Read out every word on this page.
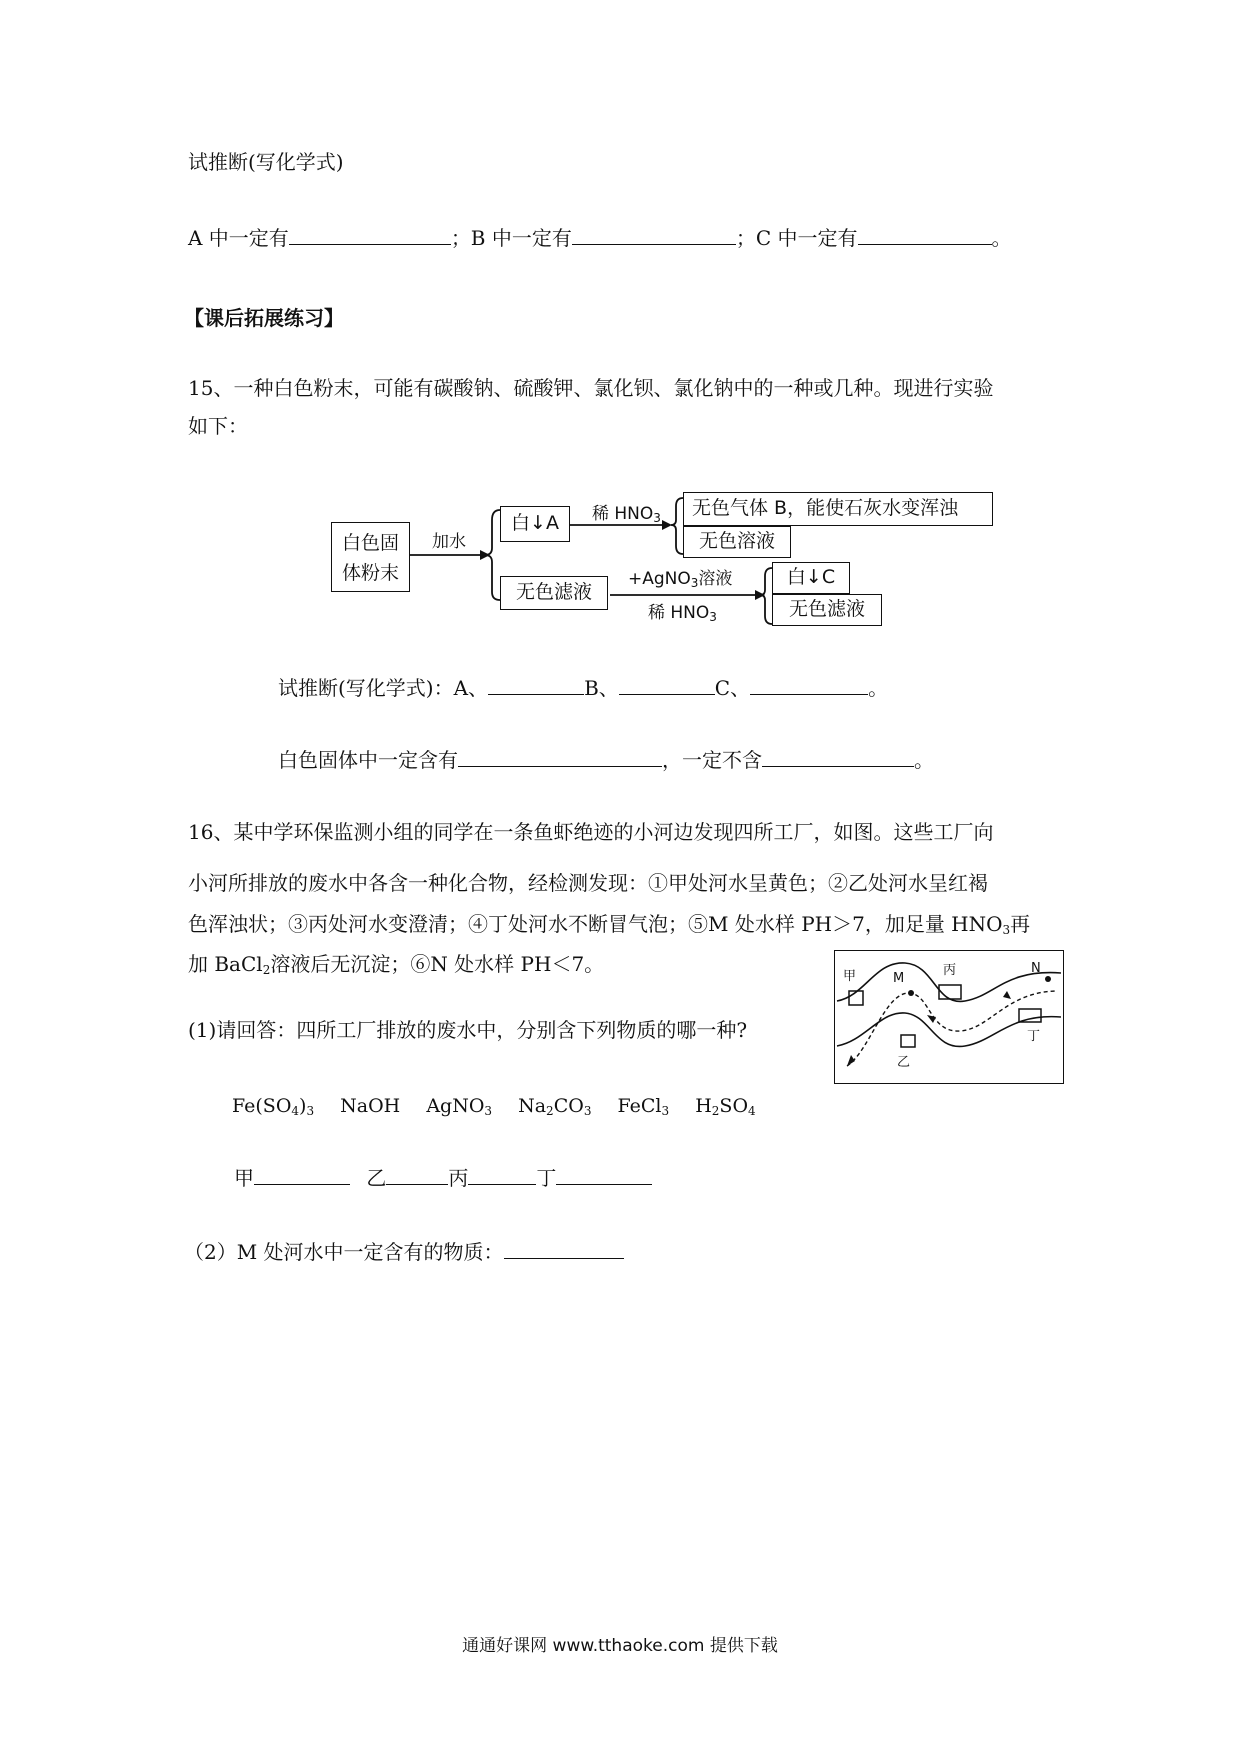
试推断(写化学式)
A 中一定有	；B 中一定有	；C 中一定有	。
【课后拓展练习】
15、一种白色粉末，可能有碳酸钠、硫酸钾、氯化钡、氯化钠中的一种或几种。现进行实验
如下：
白色固
体粉末
加水
白↓A	稀 $HNO_3$	无色气体 B，能使石灰水变浑浊
无色溶液
无色滤液
+AgNO$_3$溶液
稀 $HNO_3$
白↓C
无色滤液
试推断(写化学式)：A、	B、	C、	。
白色固体中一定含有	，一定不含	。
16、某中学环保监测小组的同学在一条鱼虾绝迹的小河边发现四所工厂，如图。这些工厂向
小河所排放的废水中各含一种化合物，经检测发现：①甲处河水呈黄色；②乙处河水呈红褐
色浑浊状；③丙处河水变澄清；④丁处河水不断冒气泡；⑤M 处水样 PH＞7，加足量 $HNO_3$再
加 BaCl$_2$溶液后无沉淀；⑥N 处水样 PH＜7。
甲	丙
M
N
丁
乙
(1)请回答：四所工厂排放的废水中，分别含下列物质的哪一种?
$Fe(SO_4)_3$ NaOH AgNO$_3$ $Na_2CO_3$ FeCl$_3$ $H_2SO_4$
甲	乙	丙	丁
（2）M 处河水中一定含有的物质：
通通好课网 www.tthaoke.com 提供下载
